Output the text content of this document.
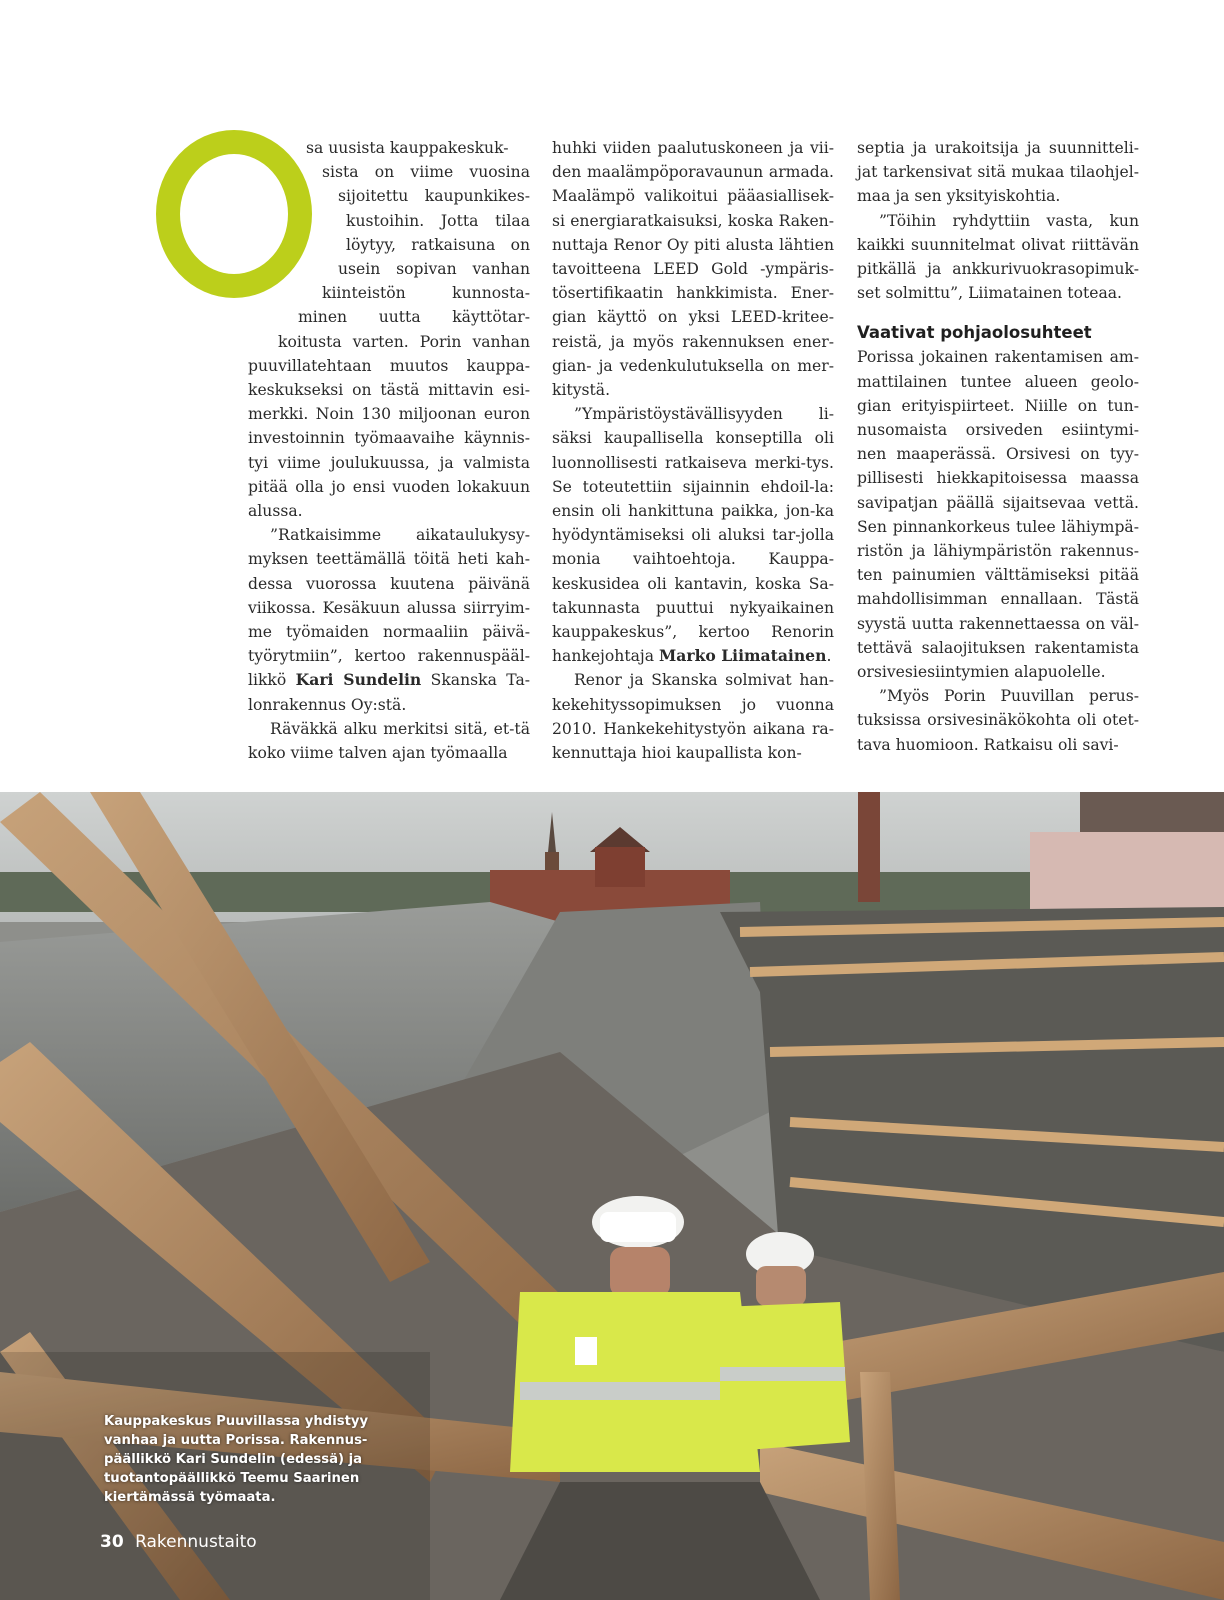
sa uusista kauppakeskuk-
sista on viime vuosina
sijoitettu kaupunkikes-
kustoihin. Jotta tilaa
löytyy, ratkaisuna on
usein sopivan vanhan
kiinteistön kunnosta-
minen uutta käyttötar-
koitusta varten. Porin vanhan
puuvillatehtaan muutos kauppa-
keskukseksi on tästä mittavin esi-
merkki. Noin 130 miljoonan euron
investoinnin työmaavaihe käynnis-
tyi viime joulukuussa, ja valmista
pitää olla jo ensi vuoden lokakuun
alussa.

”Ratkaisimme aikataulukysy-myksen teettämällä töitä heti kah-dessa vuorossa kuutena päivänä viikossa. Kesäkuun alussa siirryim-me työmaiden normaaliin päivä-työrytmiin”, kertoo rakennuspääl-likkö Kari Sundelin Skanska Ta-lonrakennus Oy:stä.

Räväkkä alku merkitsi sitä, et-tä koko viime talven ajan työmaalla

huhki viiden paalutuskoneen ja vii-den maalämpöporavaunun armada. Maalämpö valikoitui pääasiallisek-si energiaratkaisuksi, koska Raken-nuttaja Renor Oy piti alusta lähtien tavoitteena LEED Gold -ympäris-tösertifikaatin hankkimista. Ener-gian käyttö on yksi LEED-kritee-reistä, ja myös rakennuksen ener-gian- ja vedenkulutuksella on mer-kitystä.

”Ympäristöystävällisyyden li-säksi kaupallisella konseptilla oli luonnollisesti ratkaiseva merki-tys. Se toteutettiin sijainnin ehdoil-la: ensin oli hankittuna paikka, jon-ka hyödyntämiseksi oli aluksi tar-jolla monia vaihtoehtoja. Kauppa-keskusidea oli kantavin, koska Sa-takunnasta puuttui nykyaikainen kauppakeskus”, kertoo Renorin hankejohtaja Marko Liimatainen.

Renor ja Skanska solmivat han-kekehityssopimuksen jo vuonna 2010. Hankekehitystyön aikana ra-kennuttaja hioi kaupallista kon-

septia ja urakoitsija ja suunnitteli-jat tarkensivat sitä mukaa tilaohjel-maa ja sen yksityiskohtia.

”Töihin ryhdyttiin vasta, kun kaikki suunnitelmat olivat riittävän pitkällä ja ankkurivuokrasopimuk-set solmittu”, Liimatainen toteaa.

Vaativat pohjaolosuhteet

Porissa jokainen rakentamisen am-mattilainen tuntee alueen geolo-gian erityispiirteet. Niille on tun-nusomaista orsiveden esiintymi-nen maaperässä. Orsivesi on tyy-pillisesti hiekkapitoisessa maassa savipatjan päällä sijaitsevaa vettä. Sen pinnankorkeus tulee lähiympä-ristön ja lähiympäristön rakennus-ten painumien välttämiseksi pitää mahdollisimman ennallaan. Tästä syystä uutta rakennettaessa on väl-tettävä salaojituksen rakentamista orsivesiesiintymien alapuolelle.

”Myös Porin Puuvillan perus-tuksissa orsivesinäkökohta oli otet-tava huomioon. Ratkaisu oli savi-

Kauppakeskus Puuvillassa yhdistyy
vanhaa ja uutta Porissa. Rakennus-
päällikkö Kari Sundelin (edessä) ja
tuotantopäällikkö Teemu Saarinen
kiertämässä työmaata.
30 Rakennustaito
